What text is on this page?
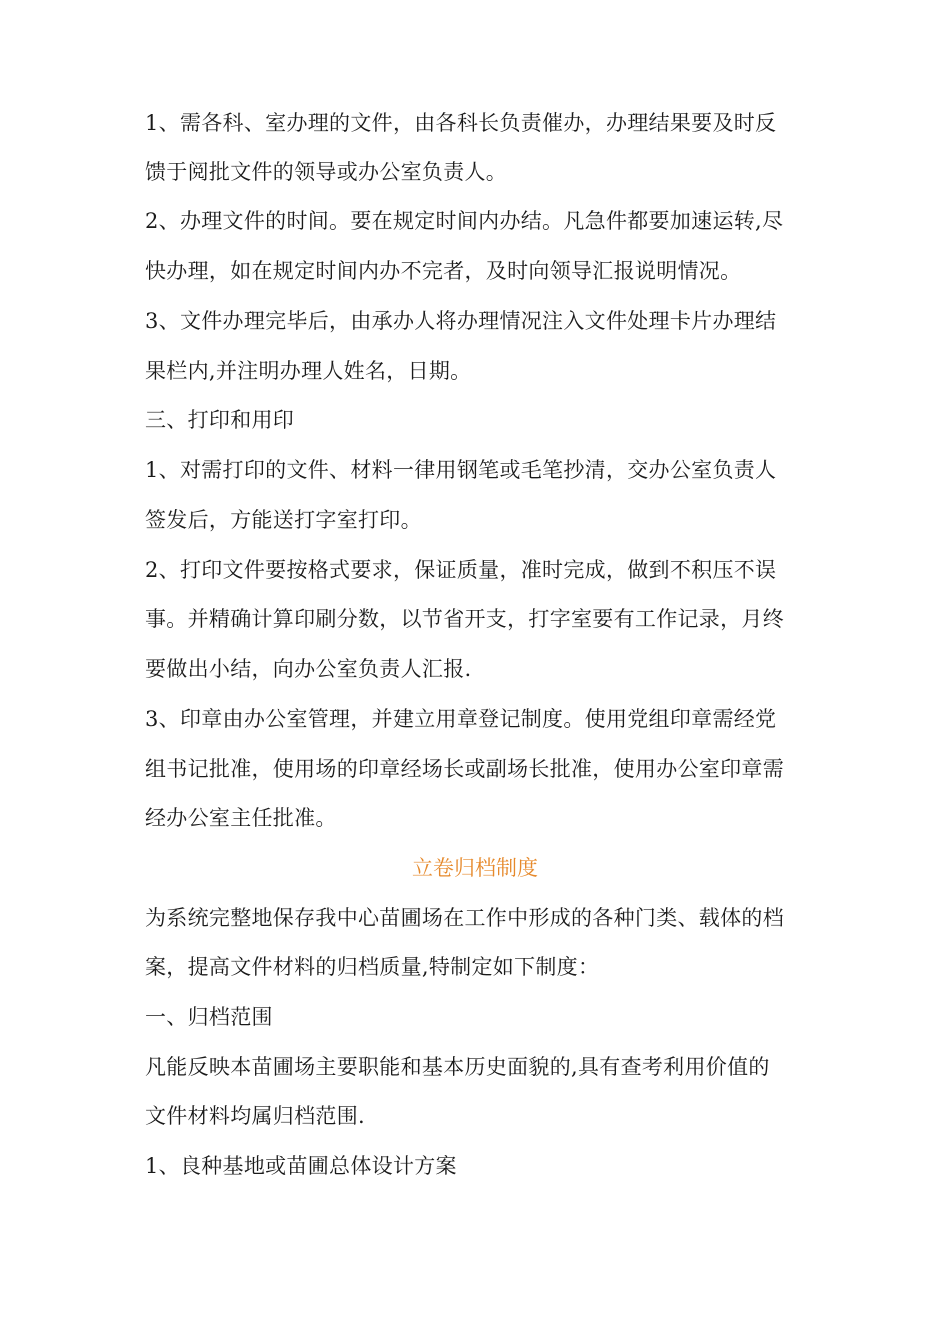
1、需各科、室办理的文件，由各科长负责催办，办理结果要及时反
馈于阅批文件的领导或办公室负责人。
2、办理文件的时间。要在规定时间内办结。凡急件都要加速运转,尽
快办理，如在规定时间内办不完者，及时向领导汇报说明情况。
3、文件办理完毕后，由承办人将办理情况注入文件处理卡片办理结
果栏内,并注明办理人姓名，日期。
三、打印和用印
1、对需打印的文件、材料一律用钢笔或毛笔抄清，交办公室负责人
签发后，方能送打字室打印。
2、打印文件要按格式要求，保证质量，准时完成，做到不积压不误
事。并精确计算印刷分数，以节省开支，打字室要有工作记录，月终
要做出小结，向办公室负责人汇报.
3、印章由办公室管理，并建立用章登记制度。使用党组印章需经党
组书记批准，使用场的印章经场长或副场长批准，使用办公室印章需
经办公室主任批准。
立卷归档制度
为系统完整地保存我中心苗圃场在工作中形成的各种门类、载体的档
案，提高文件材料的归档质量,特制定如下制度：
一、归档范围
凡能反映本苗圃场主要职能和基本历史面貌的,具有查考利用价值的
文件材料均属归档范围.
1、良种基地或苗圃总体设计方案
